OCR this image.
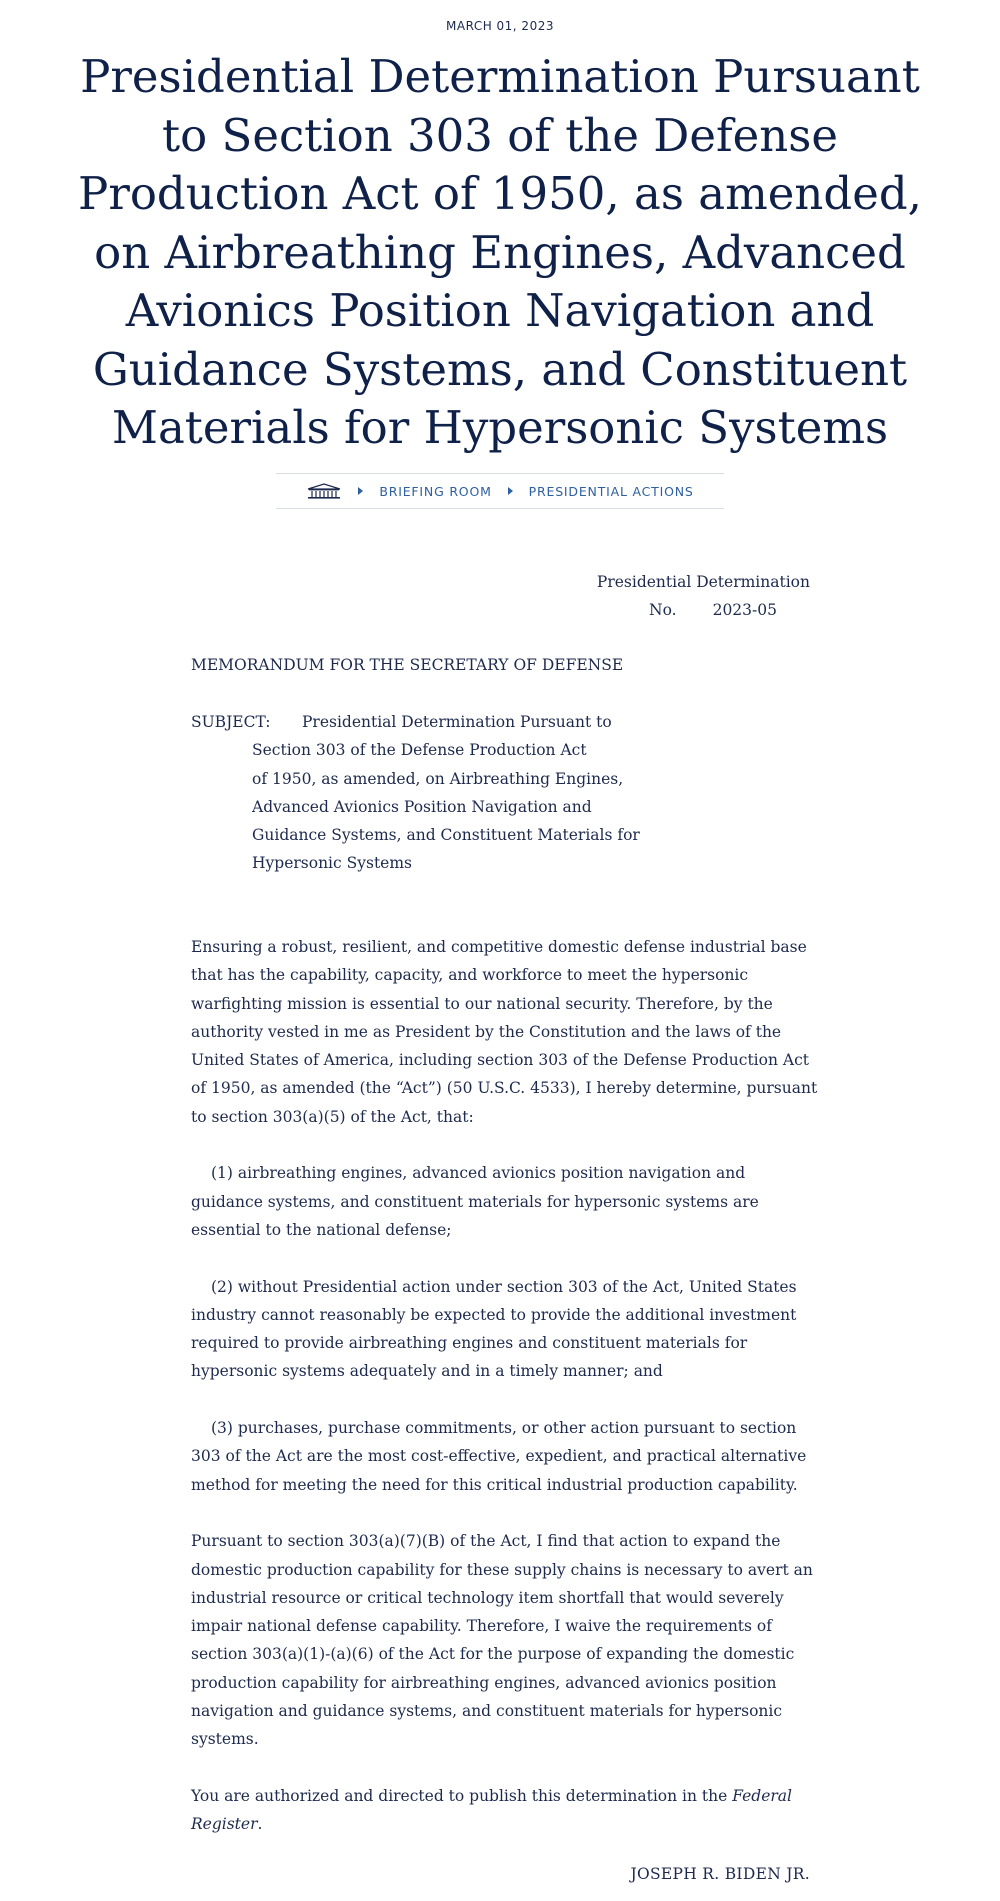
MARCH 01, 2023
Presidential Determination Pursuant to Section 303 of the Defense Production Act of 1950, as amended, on Airbreathing Engines, Advanced Avionics Position Navigation and Guidance Systems, and Constituent Materials for Hypersonic Systems
BRIEFING ROOM	PRESIDENTIAL ACTIONS
Presidential Determination

No. 2023-05
MEMORANDUM FOR THE SECRETARY OF DEFENSE
SUBJECT: Presidential Determination Pursuant to
Section 303 of the Defense Production Act
of 1950, as amended, on Airbreathing Engines,
Advanced Avionics Position Navigation and
Guidance Systems, and Constituent Materials for
Hypersonic Systems

Ensuring a robust, resilient, and competitive domestic defense industrial base that has the capability, capacity, and workforce to meet the hypersonic warfighting mission is essential to our national security. Therefore, by the authority vested in me as President by the Constitution and the laws of the United States of America, including section 303 of the Defense Production Act of 1950, as amended (the “Act”) (50 U.S.C. 4533), I hereby determine, pursuant to section 303(a)(5) of the Act, that:

(1) airbreathing engines, advanced avionics position navigation and guidance systems, and constituent materials for hypersonic systems are essential to the national defense;

(2) without Presidential action under section 303 of the Act, United States industry cannot reasonably be expected to provide the additional investment required to provide airbreathing engines and constituent materials for hypersonic systems adequately and in a timely manner; and

(3) purchases, purchase commitments, or other action pursuant to section 303 of the Act are the most cost-effective, expedient, and practical alternative method for meeting the need for this critical industrial production capability.

Pursuant to section 303(a)(7)(B) of the Act, I find that action to expand the domestic production capability for these supply chains is necessary to avert an industrial resource or critical technology item shortfall that would severely impair national defense capability. Therefore, I waive the requirements of section 303(a)(1)-(a)(6) of the Act for the purpose of expanding the domestic production capability for airbreathing engines, advanced avionics position navigation and guidance systems, and constituent materials for hypersonic systems.

You are authorized and directed to publish this determination in the Federal Register.

JOSEPH R. BIDEN JR.
